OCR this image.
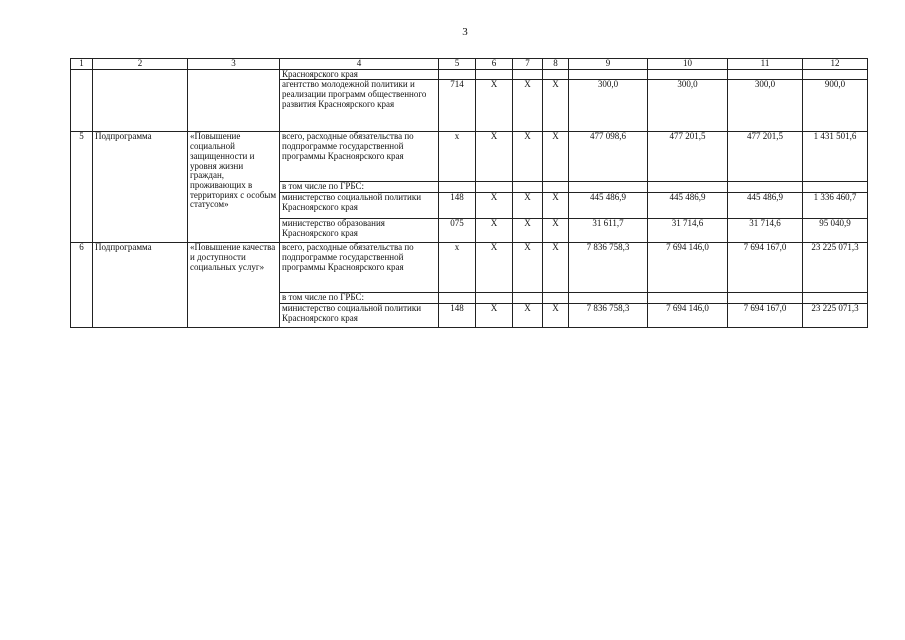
3
1	2	3	4	5	6	7	8	9	10	11	12
			Красноярского края								
			агентство молодежной политики и реализации программ общественного развития Красноярского края	714	Х	Х	Х	300,0	300,0	300,0	900,0
5	Подпрограмма	«Повышение социальной защищенности и уровня жизни граждан, проживающих в территориях с особым статусом»	всего, расходные обязательства по подпрограмме государственной программы Красноярского края	х	Х	Х	Х	477 098,6	477 201,5	477 201,5	1 431 501,6
			в том числе по ГРБС:								
			министерство социальной политики Красноярского края	148	Х	Х	Х	445 486,9	445 486,9	445 486,9	1 336 460,7
			министерство образования Красноярского края	075	Х	Х	Х	31 611,7	31 714,6	31 714,6	95 040,9
6	Подпрограмма	«Повышение качества и доступности социальных услуг»	всего, расходные обязательства по подпрограмме государственной программы Красноярского края	х	Х	Х	Х	7 836 758,3	7 694 146,0	7 694 167,0	23 225 071,3
			в том числе по ГРБС:								
			министерство социальной политики Красноярского края	148	Х	Х	Х	7 836 758,3	7 694 146,0	7 694 167,0	23 225 071,3
